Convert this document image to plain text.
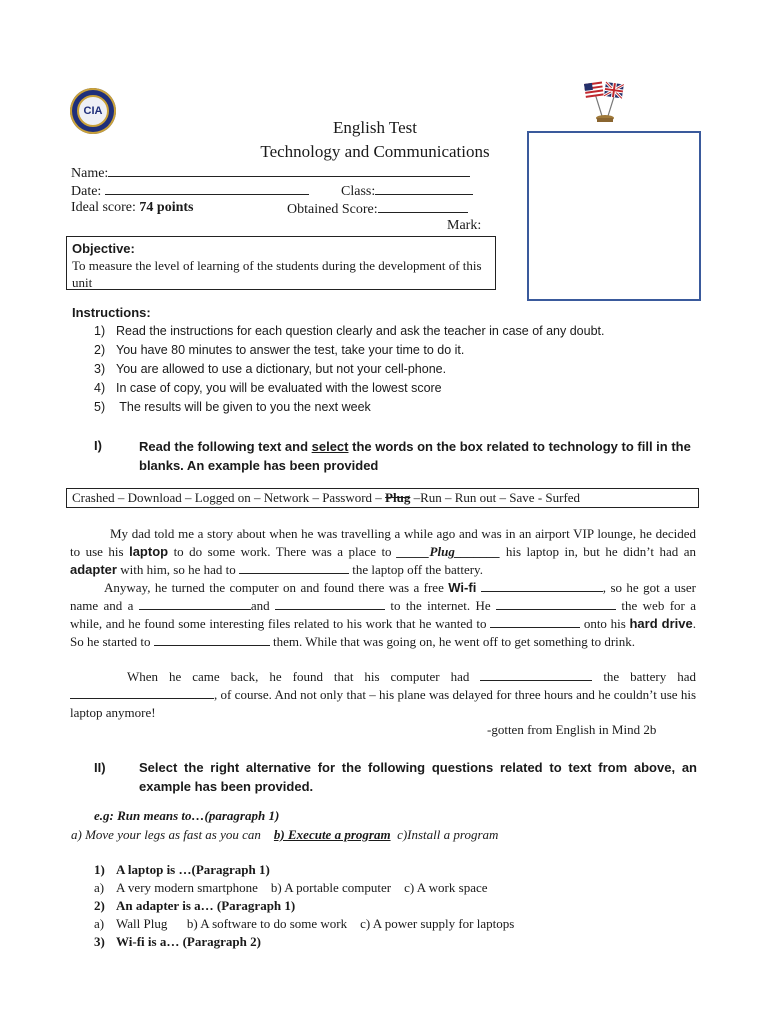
CIA
English Test
Technology and Communications
Name:
Date:	Class:
Ideal score: 74 points	Obtained Score:
Mark:
Objective:
To measure the level of learning of the students during the development of this unit
Instructions:
1) Read the instructions for each question clearly and ask the teacher in case of any doubt.
2) You have 80 minutes to answer the test, take your time to do it.
3) You are allowed to use a dictionary, but not your cell-phone.
4) In case of copy, you will be evaluated with the lowest score
5) The results will be given to you the next week
I)	Read the following text and select the words on the box related to technology to fill in the blanks. An example has been provided
Crashed – Download – Logged on – Network – Password – Plug –Run – Run out – Save - Surfed
My dad told me a story about when he was travelling a while ago and was in an airport VIP lounge, he decided to use his laptop to do some work. There was a place to _____Plug_______ his laptop in, but he didn’t had an adapter with him, so he had to	the laptop off the battery.
Anyway, he turned the computer on and found there was a free Wi-fi	, so he got a user name and a	and	to the internet. He	the web for a while, and he found some interesting files related to his work that he wanted to	onto his hard drive. So he started to	them. While that was going on, he went off to get something to drink.
When he came back, he found that his computer had	the battery had, of course. And not only that – his plane was delayed for three hours and he couldn’t use his laptop anymore!
-gotten from English in Mind 2b
II)	Select the right alternative for the following questions related to text from above, an example has been provided.
e.g: Run means to…(paragraph 1)
a) Move your legs as fast as you can b) Execute a program c)Install a program
1) A laptop is …(Paragraph 1)
a) A very modern smartphone b) A portable computer c) A work space
2) An adapter is a… (Paragraph 1)
a) Wall Plug b) A software to do some work c) A power supply for laptops
3) Wi-fi is a… (Paragraph 2)
